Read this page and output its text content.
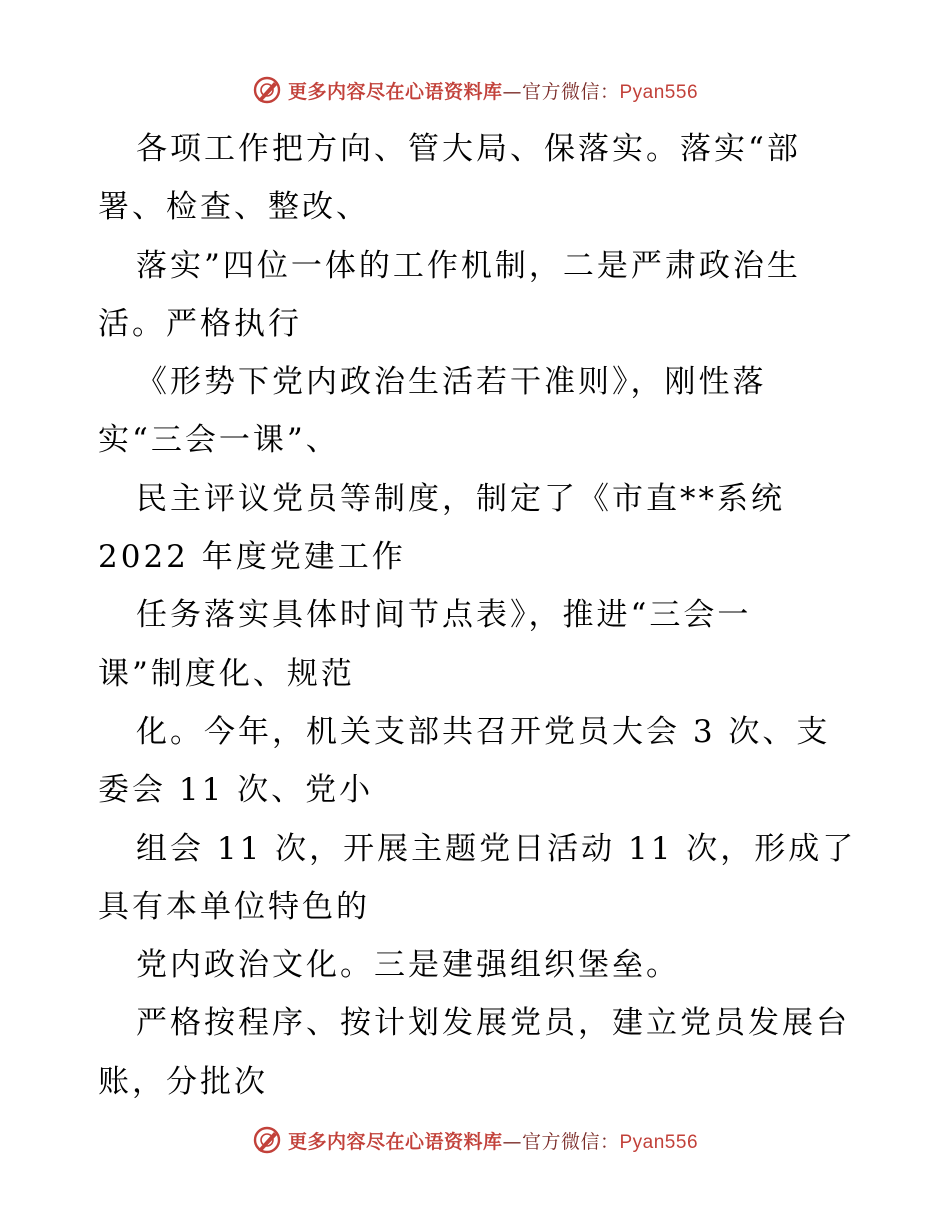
更多内容尽在心语资料库—官方微信：Pyan556
各项工作把方向、管大局、保落实。落实“部
署、检查、整改、
落实”四位一体的工作机制，二是严肃政治生
活。严格执行
《形势下党内政治生活若干准则》，刚性落
实“三会一课”、
民主评议党员等制度，制定了《市直**系统
2022 年度党建工作
任务落实具体时间节点表》，推进“三会一
课”制度化、规范
化。今年，机关支部共召开党员大会 3 次、支
委会 11 次、党小
组会 11 次，开展主题党日活动 11 次，形成了
具有本单位特色的
党内政治文化。三是建强组织堡垒。
严格按程序、按计划发展党员，建立党员发展台
账，分批次
更多内容尽在心语资料库—官方微信：Pyan556
